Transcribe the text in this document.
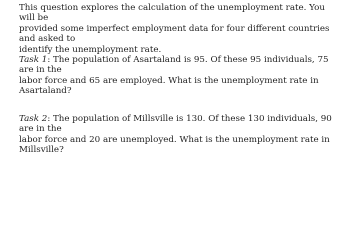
This question explores the calculation of the unemployment rate. You will be
provided some imperfect employment data for four different countries and asked to
identify the unemployment rate.

Task 1: The population of Asartaland is 95. Of these 95 individuals, 75 are in the
labor force and 65 are employed. What is the unemployment rate in Asartaland?

Task 2: The population of Millsville is 130. Of these 130 individuals, 90 are in the
labor force and 20 are unemployed. What is the unemployment rate in Millsville?
